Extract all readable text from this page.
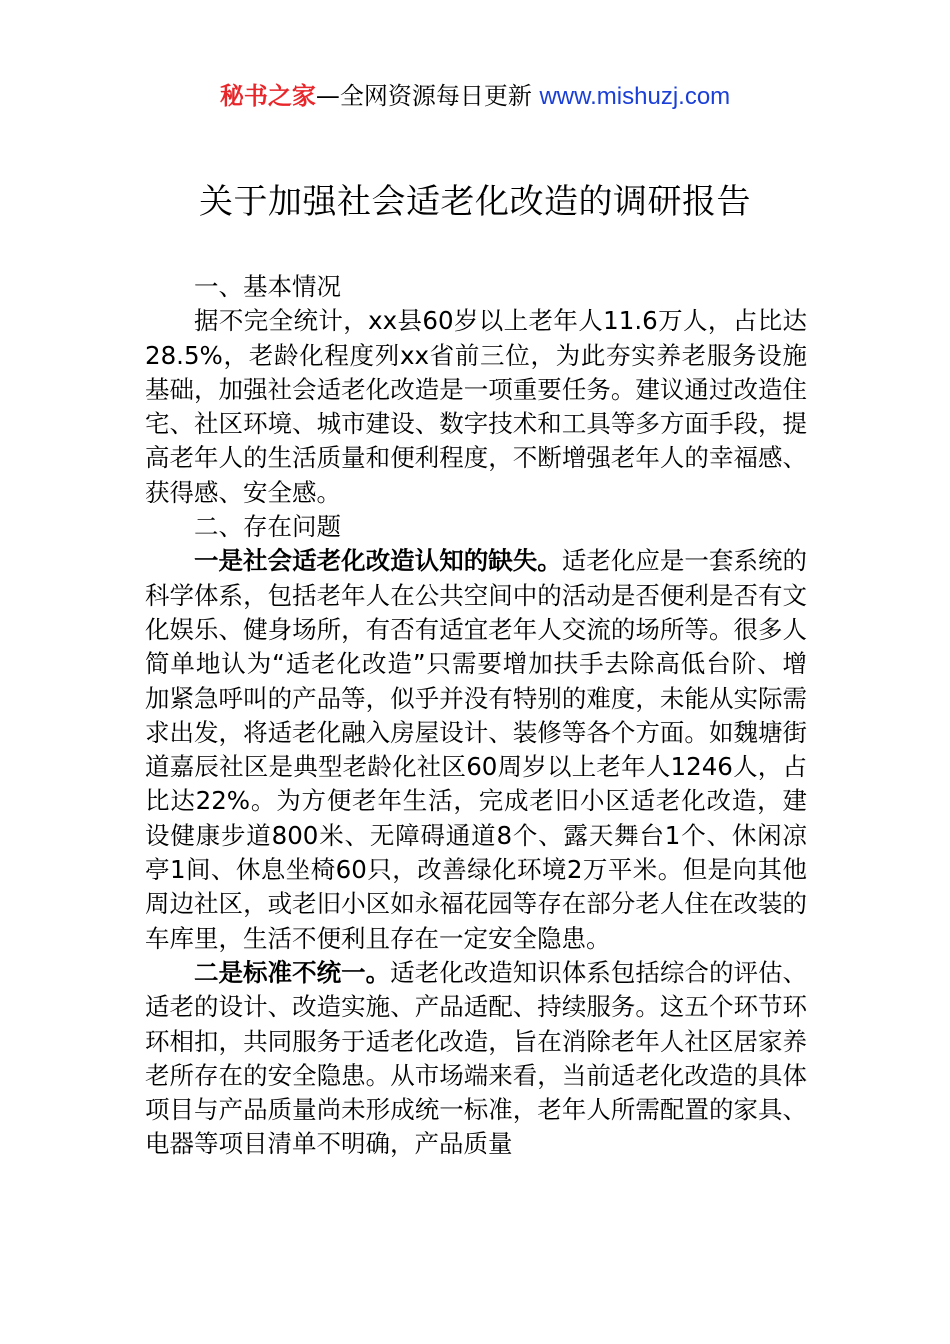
秘书之家—全网资源每日更新 www.mishuzj.com
关于加强社会适老化改造的调研报告

一、基本情况

据不完全统计，xx县60岁以上老年人11.6万人，占比达28.5%，老龄化程度列xx省前三位，为此夯实养老服务设施基础，加强社会适老化改造是一项重要任务。建议通过改造住宅、社区环境、城市建设、数字技术和工具等多方面手段，提高老年人的生活质量和便利程度，不断增强老年人的幸福感、获得感、安全感。

二、存在问题

一是社会适老化改造认知的缺失。适老化应是一套系统的科学体系，包括老年人在公共空间中的活动是否便利是否有文化娱乐、健身场所，有否有适宜老年人交流的场所等。很多人简单地认为“适老化改造”只需要增加扶手去除高低台阶、增加紧急呼叫的产品等，似乎并没有特别的难度，未能从实际需求出发，将适老化融入房屋设计、装修等各个方面。如魏塘街道嘉辰社区是典型老龄化社区60周岁以上老年人1246人，占比达22%。为方便老年生活，完成老旧小区适老化改造，建设健康步道800米、无障碍通道8个、露天舞台1个、休闲凉亭1间、休息坐椅60只，改善绿化环境2万平米。但是向其他周边社区，或老旧小区如永福花园等存在部分老人住在改装的车库里，生活不便利且存在一定安全隐患。

二是标准不统一。适老化改造知识体系包括综合的评估、适老的设计、改造实施、产品适配、持续服务。这五个环节环环相扣，共同服务于适老化改造，旨在消除老年人社区居家养老所存在的安全隐患。从市场端来看，当前适老化改造的具体项目与产品质量尚未形成统一标准，老年人所需配置的家具、电器等项目清单不明确，产品质量
